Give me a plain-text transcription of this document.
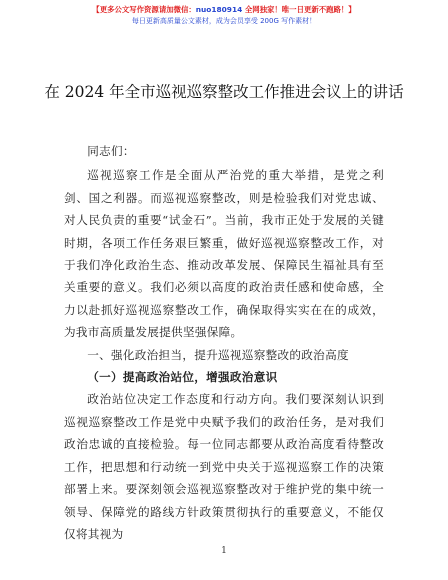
【更多公文写作资源请加微信：nuo180914 全网独家！唯一日更新不跑路！】
每日更新高质量公文素材，成为会员享受 200G 写作素材！
在 2024 年全市巡视巡察整改工作推进会议上的讲话

同志们：

巡视巡察工作是全面从严治党的重大举措，是党之利剑、国之利器。而巡视巡察整改，则是检验我们对党忠诚、对人民负责的重要“试金石”。当前，我市正处于发展的关键时期，各项工作任务艰巨繁重，做好巡视巡察整改工作，对于我们净化政治生态、推动改革发展、保障民生福祉具有至关重要的意义。我们必须以高度的政治责任感和使命感，全力以赴抓好巡视巡察整改工作，确保取得实实在在的成效，为我市高质量发展提供坚强保障。

一、强化政治担当，提升巡视巡察整改的政治高度

（一）提高政治站位，增强政治意识

政治站位决定工作态度和行动方向。我们要深刻认识到巡视巡察整改工作是党中央赋予我们的政治任务，是对我们政治忠诚的直接检验。每一位同志都要从政治高度看待整改工作，把思想和行动统一到党中央关于巡视巡察工作的决策部署上来。要深刻领会巡视巡察整改对于维护党的集中统一领导、保障党的路线方针政策贯彻执行的重要意义，不能仅仅将其视为

1
